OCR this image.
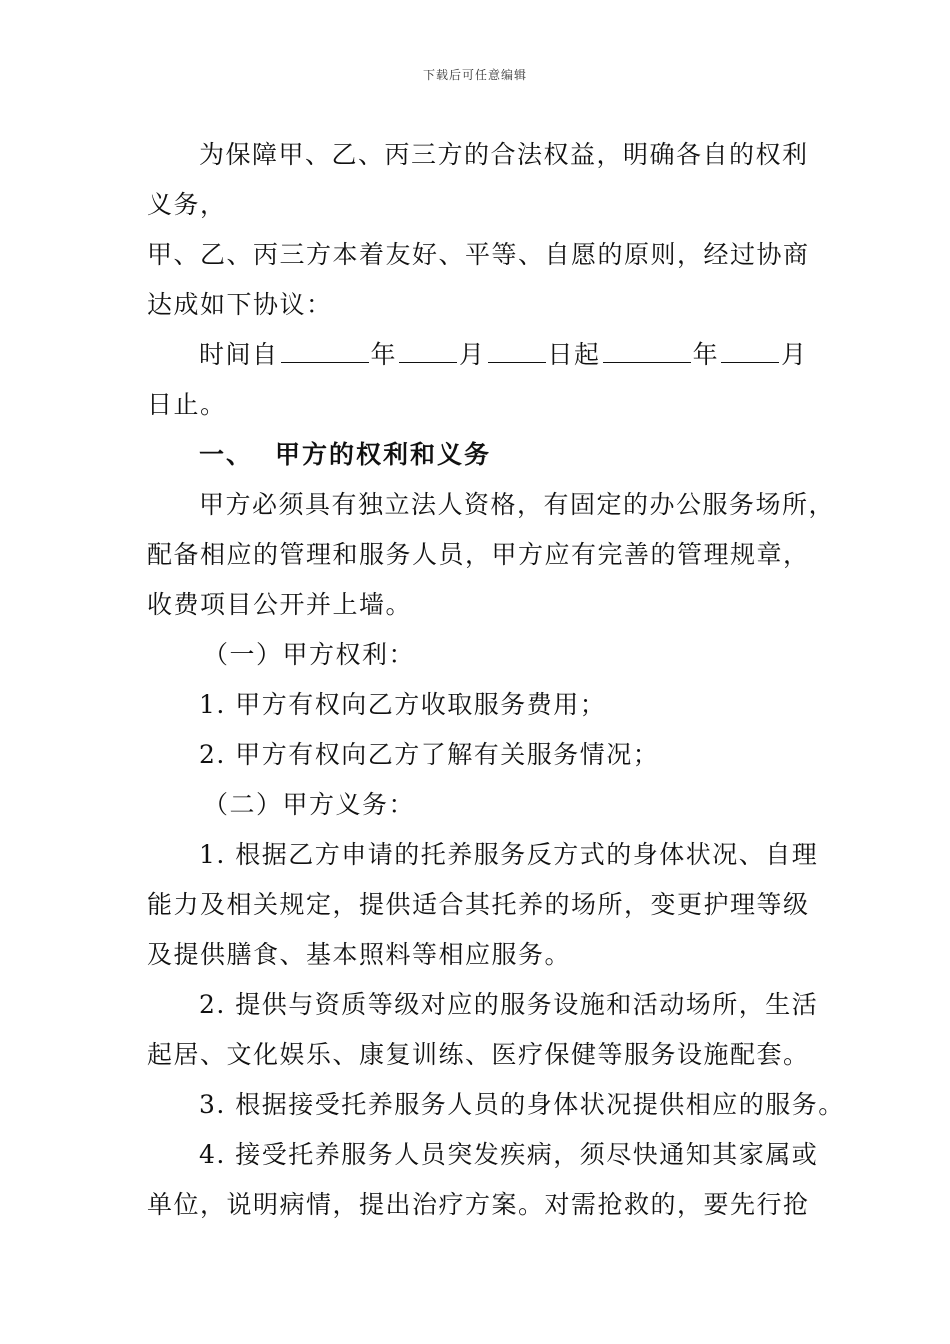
下载后可任意编辑
为保障甲、乙、丙三方的合法权益，明确各自的权利
义务，
甲、乙、丙三方本着友好、平等、自愿的原则，经过协商
达成如下协议：
时间自	年 月 日起	年 月
日止。
一、 甲方的权利和义务
甲方必须具有独立法人资格，有固定的办公服务场所，
配备相应的管理和服务人员，甲方应有完善的管理规章，
收费项目公开并上墙。
（一）甲方权利：
1. 甲方有权向乙方收取服务费用；
2. 甲方有权向乙方了解有关服务情况；
（二）甲方义务：
1. 根据乙方申请的托养服务反方式的身体状况、自理
能力及相关规定，提供适合其托养的场所，变更护理等级
及提供膳食、基本照料等相应服务。
2. 提供与资质等级对应的服务设施和活动场所，生活
起居、文化娱乐、康复训练、医疗保健等服务设施配套。
3. 根据接受托养服务人员的身体状况提供相应的服务。
4. 接受托养服务人员突发疾病，须尽快通知其家属或
单位，说明病情，提出治疗方案。对需抢救的，要先行抢
